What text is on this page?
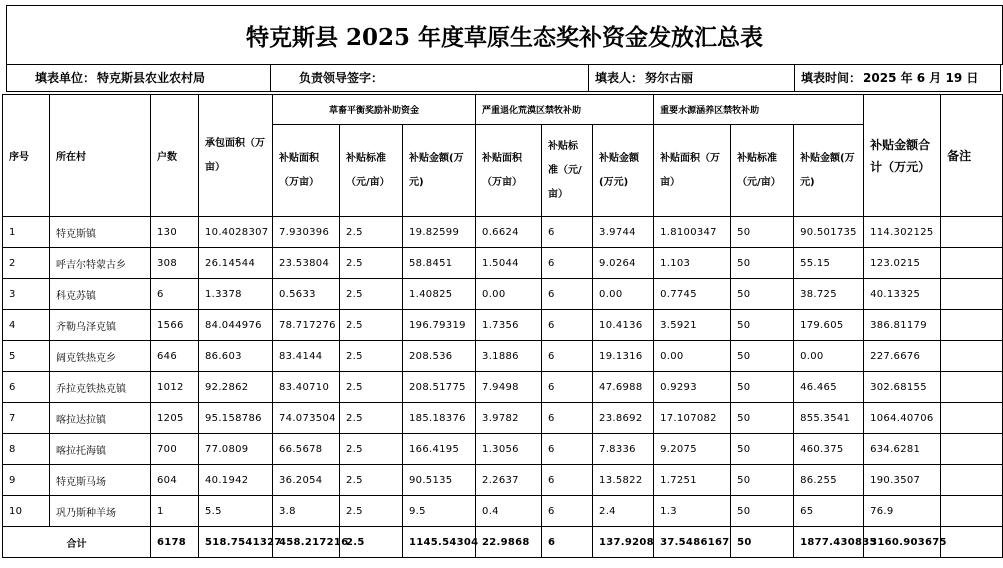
特克斯县 2025 年度草原生态奖补资金发放汇总表
填表单位： 特克斯县农业农村局	负责领导签字：	填表人： 努尔古丽	填表时间： 2025 年 6 月 19 日
序号	所在村	户数	承包面积（万亩）	草畜平衡奖励补助资金			严重退化荒漠区禁牧补助			重要水源涵养区禁牧补助			补贴金额合计（万元）	备注
				补贴面积（万亩）	补贴标准（元/亩）	补贴金额(万元)	补贴面积（万亩）	补贴标准（元/亩）	补贴金额(万元)	补贴面积（万亩）	补贴标准（元/亩）	补贴金额(万元)		
1	特克斯镇	130	10.4028307	7.930396	2.5	19.82599	0.6624	6	3.9744	1.8100347	50	90.501735	114.302125	
2	呼吉尔特蒙古乡	308	26.14544	23.53804	2.5	58.8451	1.5044	6	9.0264	1.103	50	55.15	123.0215	
3	科克苏镇	6	1.3378	0.5633	2.5	1.40825	0.00	6	0.00	0.7745	50	38.725	40.13325	
4	齐勒乌泽克镇	1566	84.044976	78.717276	2.5	196.79319	1.7356	6	10.4136	3.5921	50	179.605	386.81179	
5	阔克铁热克乡	646	86.603	83.4144	2.5	208.536	3.1886	6	19.1316	0.00	50	0.00	227.6676	
6	乔拉克铁热克镇	1012	92.2862	83.40710	2.5	208.51775	7.9498	6	47.6988	0.9293	50	46.465	302.68155	
7	喀拉达拉镇	1205	95.158786	74.073504	2.5	185.18376	3.9782	6	23.8692	17.107082	50	855.3541	1064.40706	
8	喀拉托海镇	700	77.0809	66.5678	2.5	166.4195	1.3056	6	7.8336	9.2075	50	460.375	634.6281	
9	特克斯马场	604	40.1942	36.2054	2.5	90.5135	2.2637	6	13.5822	1.7251	50	86.255	190.3507	
10	巩乃斯种羊场	1	5.5	3.8	2.5	9.5	0.4	6	2.4	1.3	50	65	76.9	
合计		6178	518.7541327	458.217216	2.5	1145.54304	22.9868	6	137.9208	37.5486167	50	1877.430835	3160.903675	
